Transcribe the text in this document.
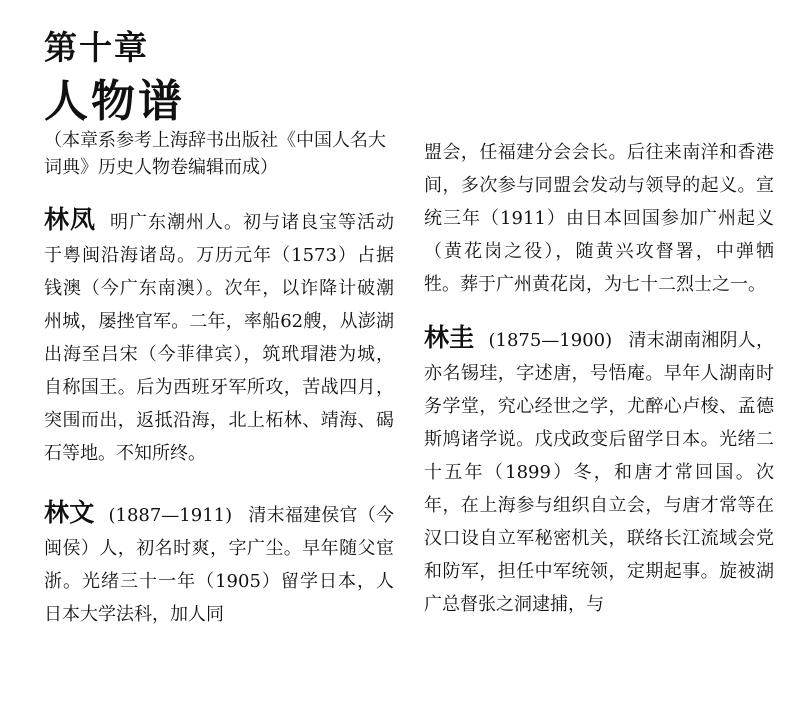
第十章
人物谱

（本章系参考上海辞书出版社《中国人名大词典》历史人物卷编辑而成）

林凤 明广东潮州人。初与诸良宝等活动于粤闽沿海诸岛。万历元年（1573）占据钱澳（今广东南澳）。次年，以诈降计破潮州城，屡挫官军。二年，率船62艘，从澎湖出海至吕宋（今菲律宾），筑玳瑁港为城，自称国王。后为西班牙军所攻，苦战四月，突围而出，返抵沿海，北上柘林、靖海、碣石等地。不知所终。

林文 (1887—1911) 清末福建侯官（今闽侯）人，初名时爽，字广尘。早年随父宦浙。光绪三十一年（1905）留学日本，人日本大学法科，加人同

盟会，任福建分会会长。后往来南洋和香港间，多次参与同盟会发动与领导的起义。宣统三年（1911）由日本回国参加广州起义（黄花岗之役），随黄兴攻督署，中弹牺牲。葬于广州黄花岗，为七十二烈士之一。

林圭 (1875—1900) 清末湖南湘阴人，亦名锡珪，字述唐，号悟庵。早年人湖南时务学堂，究心经世之学，尤醉心卢梭、孟德斯鸠诸学说。戊戌政变后留学日本。光绪二十五年（1899）冬，和唐才常回国。次年，在上海参与组织自立会，与唐才常等在汉口设自立军秘密机关，联络长江流域会党和防军，担任中军统领，定期起事。旋被湖广总督张之洞逮捕，与
